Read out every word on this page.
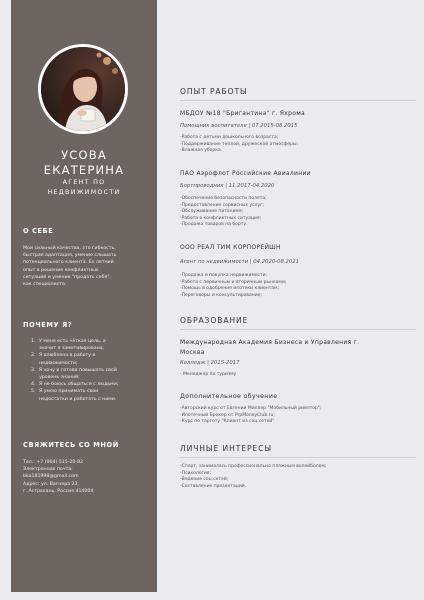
УСОВА
ЕКАТЕРИНА
АГЕНТ ПО
НЕДВИЖИМОСТИ
О СЕБЕ
Мои сильный качества, это гибкость,
быстрая адаптация, умение слышать
потенциального клиента. Ex летний
опыт в решение конфликтных
ситуаций и умение "продать себя",
как специалиста.
ПОЧЕМУ Я?
1. У меня есть чёткая цель, а
значит я замотивирована;
2. Я влюблена в работу в
недвижимости;
3. Я хочу и готова повышать свой
уровень знаний;
4. Я не боюсь общаться с людьми;
5. Я умею принимать свои
недостатки и работать с ними.
СВЯЖИТЕСЬ СО МНОЙ
Тел.: +7 (964) 515-20-82
Электронная почта:
bka181998@gmail.com
Адрес: ул. Вагнера 23,
г. Астрахань, Россия 414004
ОПЫТ РАБОТЫ
МБДОУ №18 "Бригантина" г. Яхрома
Помощник воспитателя | 07.2015-08.2015
-Работа с детьми дошкольного возраста;
-Поддерживание теплой, дружеской атмосферы;
-Влажная уборка.
ПАО Аэрофлот Российские Авиалинии
Бортпроводник | 11.2017-04.2020
-Обеспечение безопасности полета;
-Предоставление сервисных услуг;
-Обслуживание питанием;
-Работа в конфликтных ситуация;
-Продажа товаров на борту.
ООО РЕАЛ ТИМ КОРПОРЕЙШН
Агент по недвижимости | 04.2020-08.2021
-Продажа и покупка недвижимости;
-Работа с первичным и вторичным рынками;
-Помощь в одобрение ипотеки клиентам;
-Переговоры и консультирование;
ОБРАЗОВАНИЕ
Международная Академия Бизнеса и Управления г.
Москва
Колледж | 2015-2017
- Менеджер по туризму
Дополнительное обучение
-Авторский курс от Евгении Миллер "Мобильный риелтор";
-Ипотечный Брокер от PrpMoneyClub.ru;
-Курс по таргету "Клиент из соц.сетей"
ЛИЧНЫЕ ИНТЕРЕСЫ
-Спорт, занималась профессионально пляжным волейболом;
-Психология;
-Ведение соц.сетей;
-Составление презентаций.
